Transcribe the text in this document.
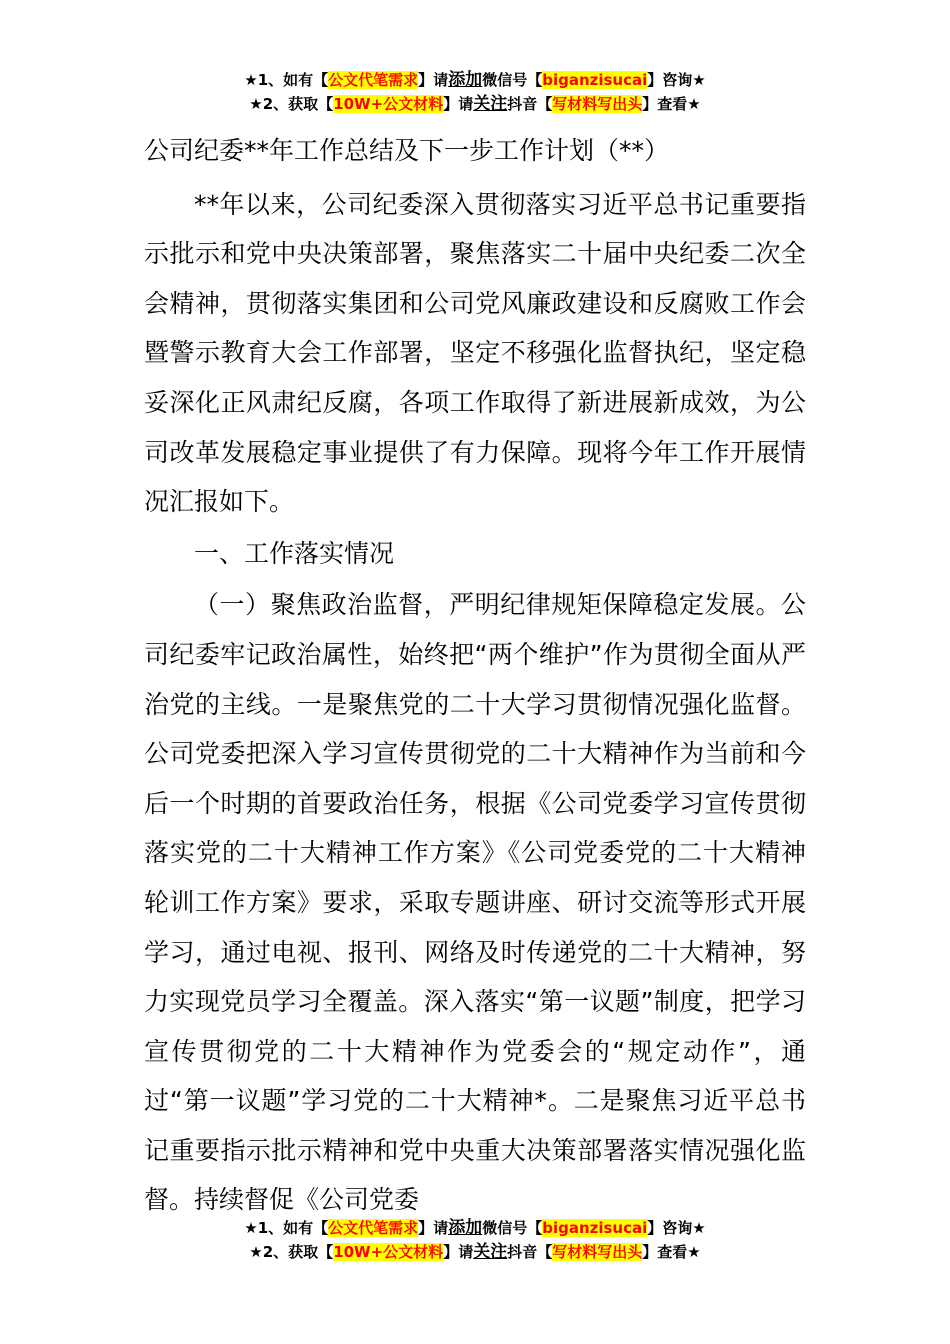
★1、如有【公文代笔需求】请添加微信号【biganzisucai】咨询★
★2、获取【10W+公文材料】请关注抖音【写材料写出头】查看★

公司纪委**年工作总结及下一步工作计划（**）

**年以来，公司纪委深入贯彻落实习近平总书记重要指示批示和党中央决策部署，聚焦落实二十届中央纪委二次全会精神，贯彻落实集团和公司党风廉政建设和反腐败工作会暨警示教育大会工作部署，坚定不移强化监督执纪，坚定稳妥深化正风肃纪反腐，各项工作取得了新进展新成效，为公司改革发展稳定事业提供了有力保障。现将今年工作开展情况汇报如下。

一、工作落实情况

（一）聚焦政治监督，严明纪律规矩保障稳定发展。公司纪委牢记政治属性，始终把“两个维护”作为贯彻全面从严治党的主线。一是聚焦党的二十大学习贯彻情况强化监督。公司党委把深入学习宣传贯彻党的二十大精神作为当前和今后一个时期的首要政治任务，根据《公司党委学习宣传贯彻落实党的二十大精神工作方案》《公司党委党的二十大精神轮训工作方案》要求，采取专题讲座、研讨交流等形式开展学习，通过电视、报刊、网络及时传递党的二十大精神，努力实现党员学习全覆盖。深入落实“第一议题”制度，把学习宣传贯彻党的二十大精神作为党委会的“规定动作”，通过“第一议题”学习党的二十大精神*。二是聚焦习近平总书记重要指示批示精神和党中央重大决策部署落实情况强化监督。持续督促《公司党委

★1、如有【公文代笔需求】请添加微信号【biganzisucai】咨询★
★2、获取【10W+公文材料】请关注抖音【写材料写出头】查看★
